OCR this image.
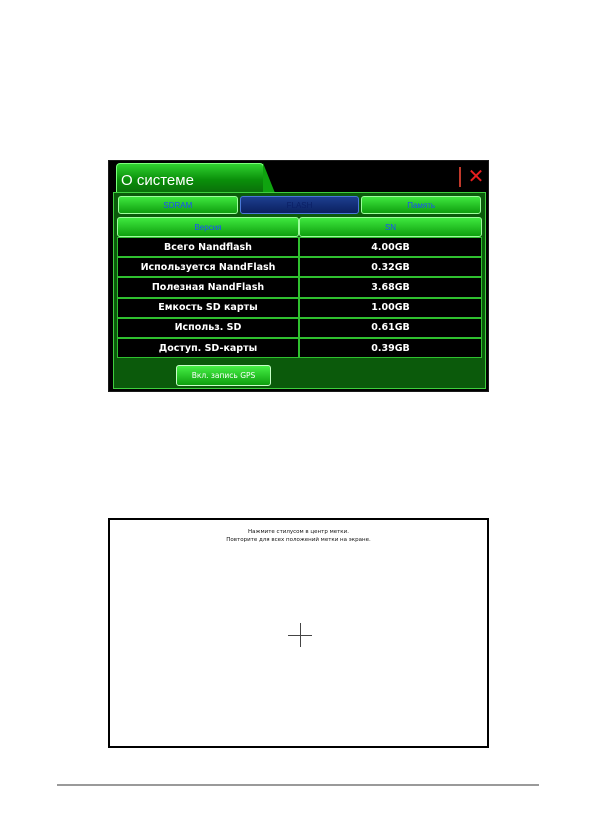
О системе	✕
SDRAM	FLASH	Память
Версия	SN
Всего Nandflash	4.00GB
Используется NandFlash	0.32GB
Полезная NandFlash	3.68GB
Емкость SD карты	1.00GB
Использ. SD	0.61GB
Доступ. SD-карты	0.39GB
Вкл. запись GPS
Нажмите стилусом в центр метки.
Повторите для всех положений метки на экране.
